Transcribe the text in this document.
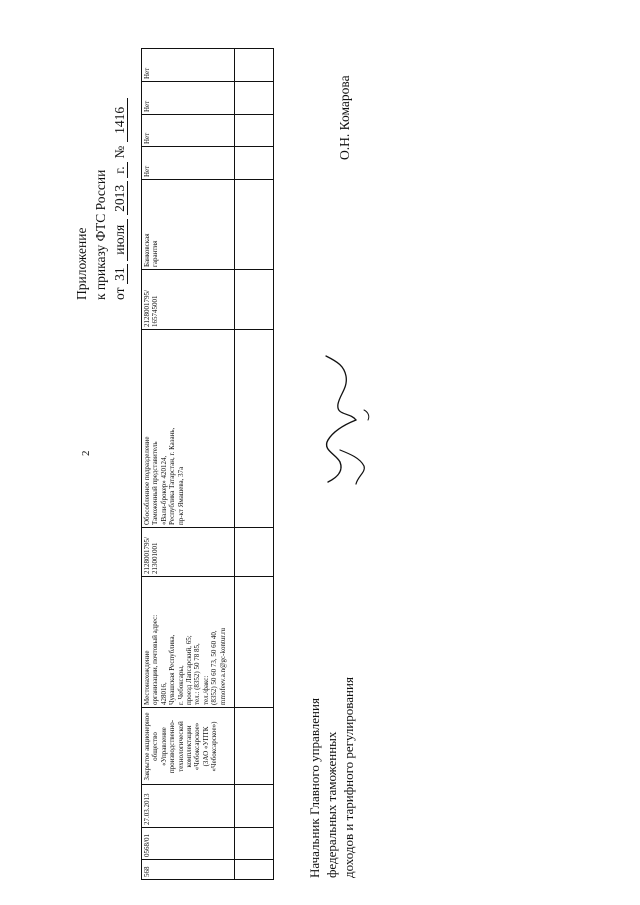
2
Приложение к приказу ФТС России от 31 июля 2013 г. № 1416
568
0568/01
27.03.2013
Закрытое акционерное общество «Управление производственно- технологической комплектации «Чебоксарское» (ЗАО «УПТК «Чебоксарское»)
Местонахождение организации, почтовый адрес: 428016, Чувашская Республика, г. Чебоксары, проезд Лапсарский, 65; тел.: (8352) 50 78 85, тел./факс: (8352) 50 60 73, 50 60 40, mmofeev.a.n@gc-kontur.ru
2128001795/ 213001001
Обособленное подразделение Таможенный представитель «Вали-брокер» 420124, Республика Татарстан, г. Казань, пр-кт Ямашева, 37а
2128001795/ 165745001
Банковская гарантия
Нет
Нет
Нет
Нет
Начальник Главного управления федеральных таможенных доходов и тарифного регулирования
О.Н. Комарова
